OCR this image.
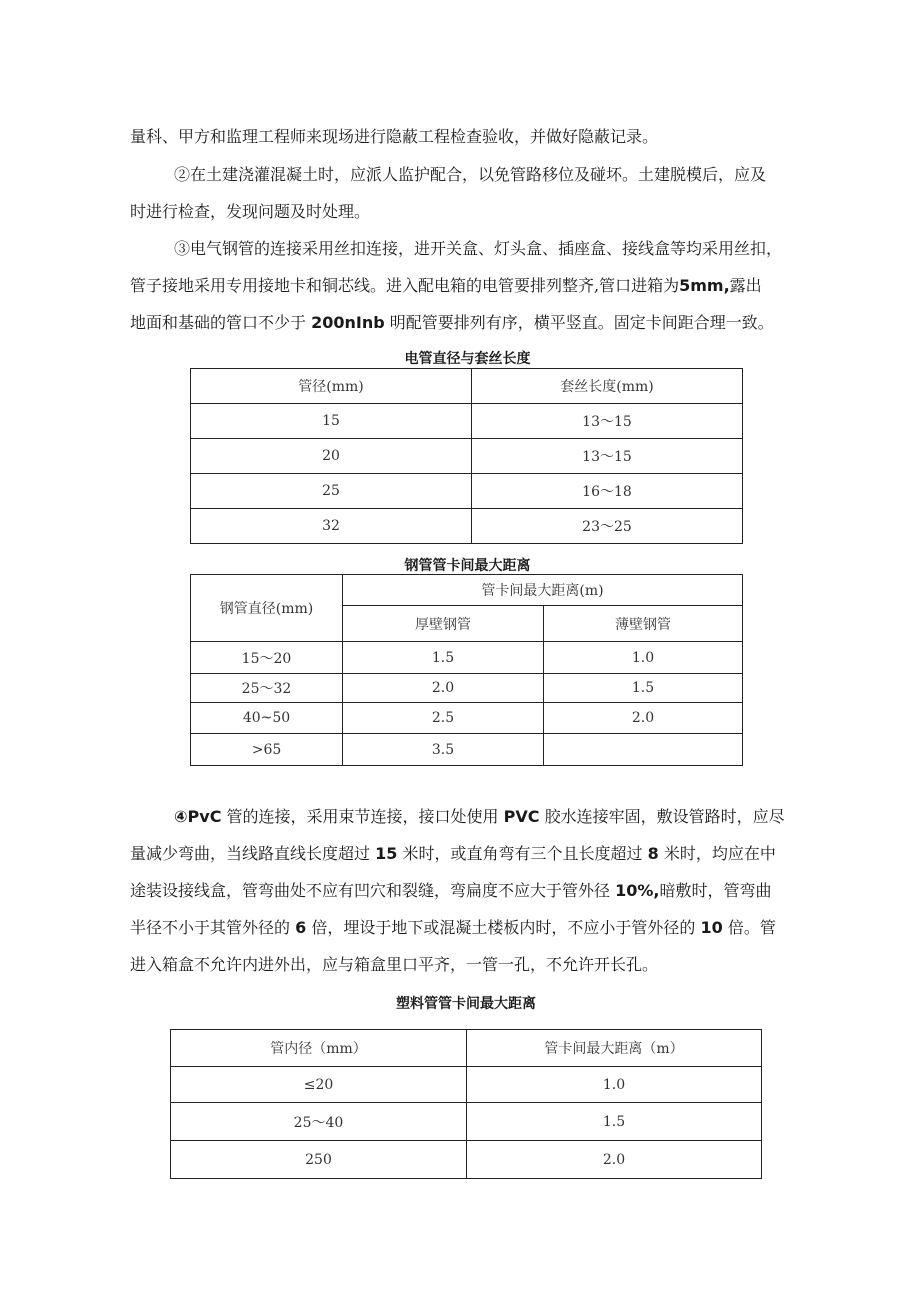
量科、甲方和监理工程师来现场进行隐蔽工程检查验收，并做好隐蔽记录。

②在土建浇灌混凝土时，应派人监护配合，以免管路移位及碰坏。土建脱模后，应及
时进行检查，发现问题及时处理。

③电气钢管的连接采用丝扣连接，进开关盒、灯头盒、插座盒、接线盒等均采用丝扣，
管子接地采用专用接地卡和铜芯线。进入配电箱的电管要排列整齐,管口进箱为5mm,露出
地面和基础的管口不少于 200nInb 明配管要排列有序，横平竖直。固定卡间距合理一致。

电管直径与套丝长度
管径(mm)	套丝长度(mm)
15	13～15
20	13～15
25	16～18
32	23～25
钢管管卡间最大距离
钢管直径(mm)	管卡间最大距离(m)	
	厚壁钢管	薄壁钢管
15～20	1.5	1.0
25～32	2.0	1.5
40~50	2.5	2.0
>65	3.5	

④PvC 管的连接，采用束节连接，接口处使用 PVC 胶水连接牢固，敷设管路时，应尽
量减少弯曲，当线路直线长度超过 15 米时，或直角弯有三个且长度超过 8 米时，均应在中
途装设接线盒，管弯曲处不应有凹穴和裂缝，弯扁度不应大于管外径 10%,暗敷时，管弯曲
半径不小于其管外径的 6 倍，埋设于地下或混凝土楼板内时，不应小于管外径的 10 倍。管
进入箱盒不允许内进外出，应与箱盒里口平齐，一管一孔，不允许开长孔。

塑料管管卡间最大距离
管内径（mm）	管卡间最大距离（m）
≤20	1.0
25～40	1.5
250	2.0
